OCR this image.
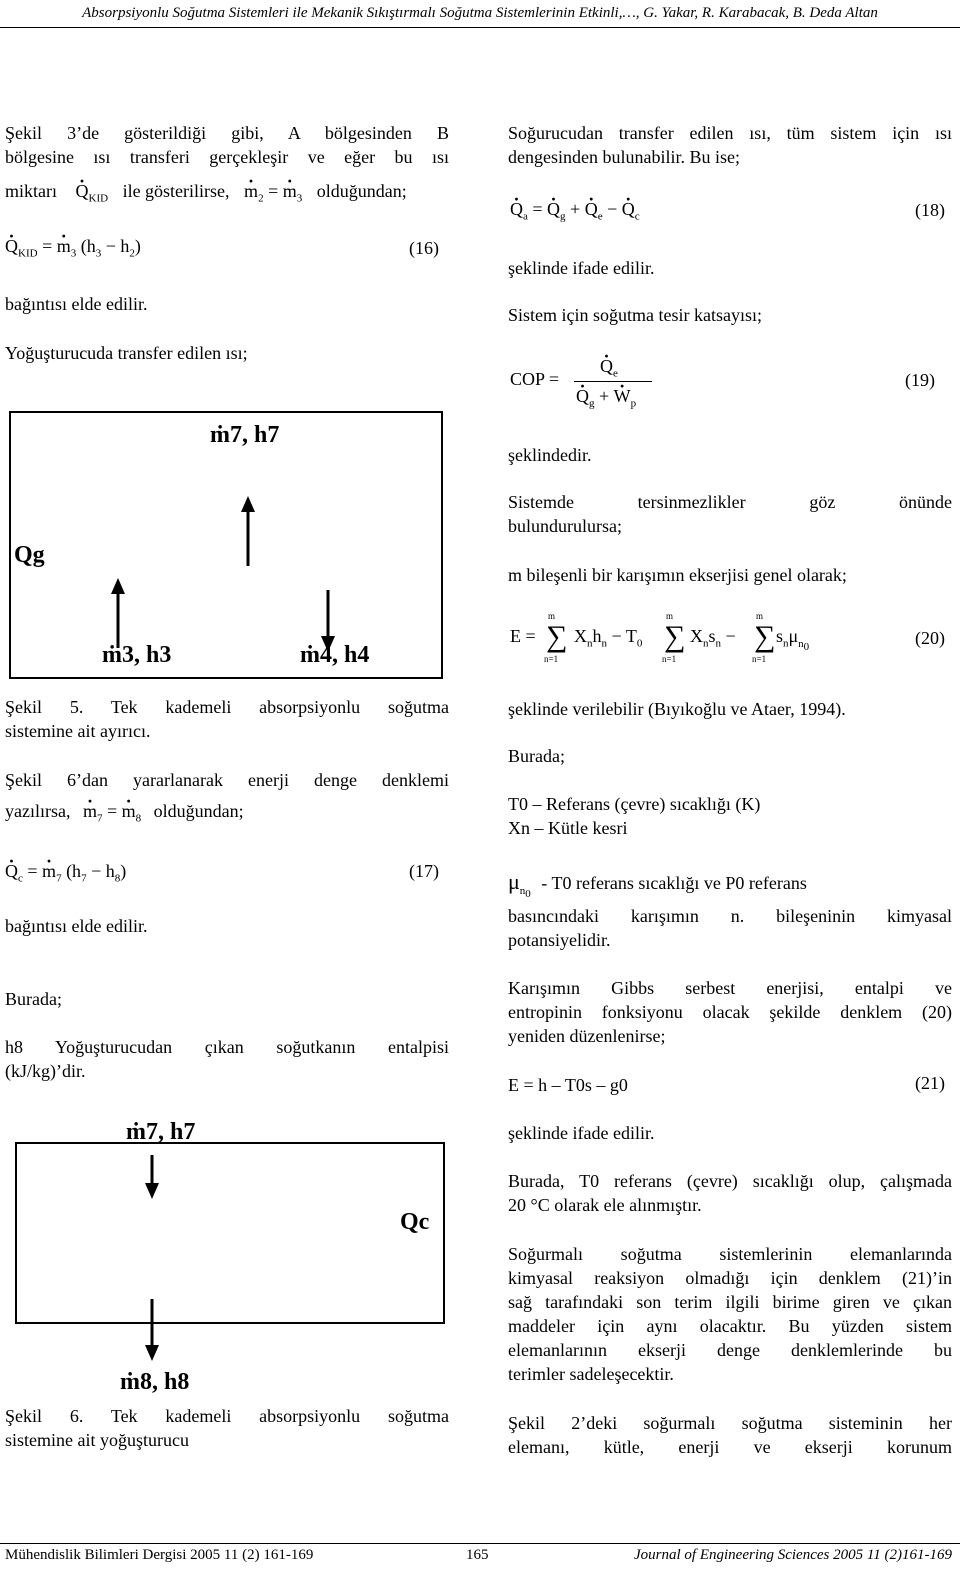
Absorpsiyonlu Soğutma Sistemleri ile Mekanik Sıkıştırmalı Soğutma Sistemlerinin Etkinli,…, G. Yakar, R. Karabacak, B. Deda Altan
Şekil 3’de gösterildiği gibi, A bölgesinden B
bölgesine ısı transferi gerçekleşir ve eğer bu ısı
miktarı · $Q_{KID}$ ile gösterilirse, · $m_2$ = · $m_3$ olduğundan;
· $Q_{KID}$ = · $m_3$ $(h_3 - h_2)$	(16)
bağıntısı elde edilir.
Yoğuşturucuda transfer edilen ısı;
ṁ7, h7
Qg
ṁ3, h3	ṁ4, h4
Şekil 5. Tek kademeli absorpsiyonlu soğutma
sistemine ait ayırıcı.
Şekil 6’dan yararlanarak enerji denge denklemi
yazılırsa, · $m_7$ = · $m_8$ olduğundan;
· $Q_c$ = · $m_7$ $(h_7 - h_8)$	(17)
bağıntısı elde edilir.
Burada;
h8 Yoğuşturucudan çıkan soğutkanın entalpisi
(kJ/kg)’dir.
ṁ7, h7
Qc
ṁ8, h8
Şekil 6. Tek kademeli absorpsiyonlu soğutma
sistemine ait yoğuşturucu
Soğurucudan transfer edilen ısı, tüm sistem için ısı
dengesinden bulunabilir. Bu ise;
· $Q_a$ = · $Q_g$ + · $Q_e$ − · $Q_c$	(18)
şeklinde ifade edilir.
Sistem için soğutma tesir katsayısı;
COP =
· $Q_e$
· $Q_g$ + · $W_p$
(19)
şeklindedir.
Sistemde tersinmezlikler göz önünde
bulundurulursa;
m bileşenli bir karışımın ekserjisi genel olarak;
E =
m
∑
n=1
$X_nh_n - T_0$
m
∑
n=1
$X_ns_n$ −
m
∑
n=1
$s_n\mu_{n_0}$	(20)
şeklinde verilebilir (Bıyıkoğlu ve Ataer, 1994).
Burada;
T0 – Referans (çevre) sıcaklığı (K)
Xn – Kütle kesri
$\mu_{n_0} - T0$ referans sıcaklığı ve P0 referans
basıncındaki karışımın n. bileşeninin kimyasal
potansiyelidir.
Karışımın Gibbs serbest enerjisi, entalpi ve
entropinin fonksiyonu olacak şekilde denklem (20)
yeniden düzenlenirse;
E = h – T0s – g0	(21)
şeklinde ifade edilir.
Burada, T0 referans (çevre) sıcaklığı olup, çalışmada
20 °C olarak ele alınmıştır.
Soğurmalı soğutma sistemlerinin elemanlarında
kimyasal reaksiyon olmadığı için denklem (21)’in
sağ tarafındaki son terim ilgili birime giren ve çıkan
maddeler için aynı olacaktır. Bu yüzden sistem
elemanlarının ekserji denge denklemlerinde bu
terimler sadeleşecektir.
Şekil 2’deki soğurmalı soğutma sisteminin her
elemanı, kütle, enerji ve ekserji korunum
Mühendislik Bilimleri Dergisi 2005 11 (2) 161-169	165	Journal of Engineering Sciences 2005 11 (2)161-169
